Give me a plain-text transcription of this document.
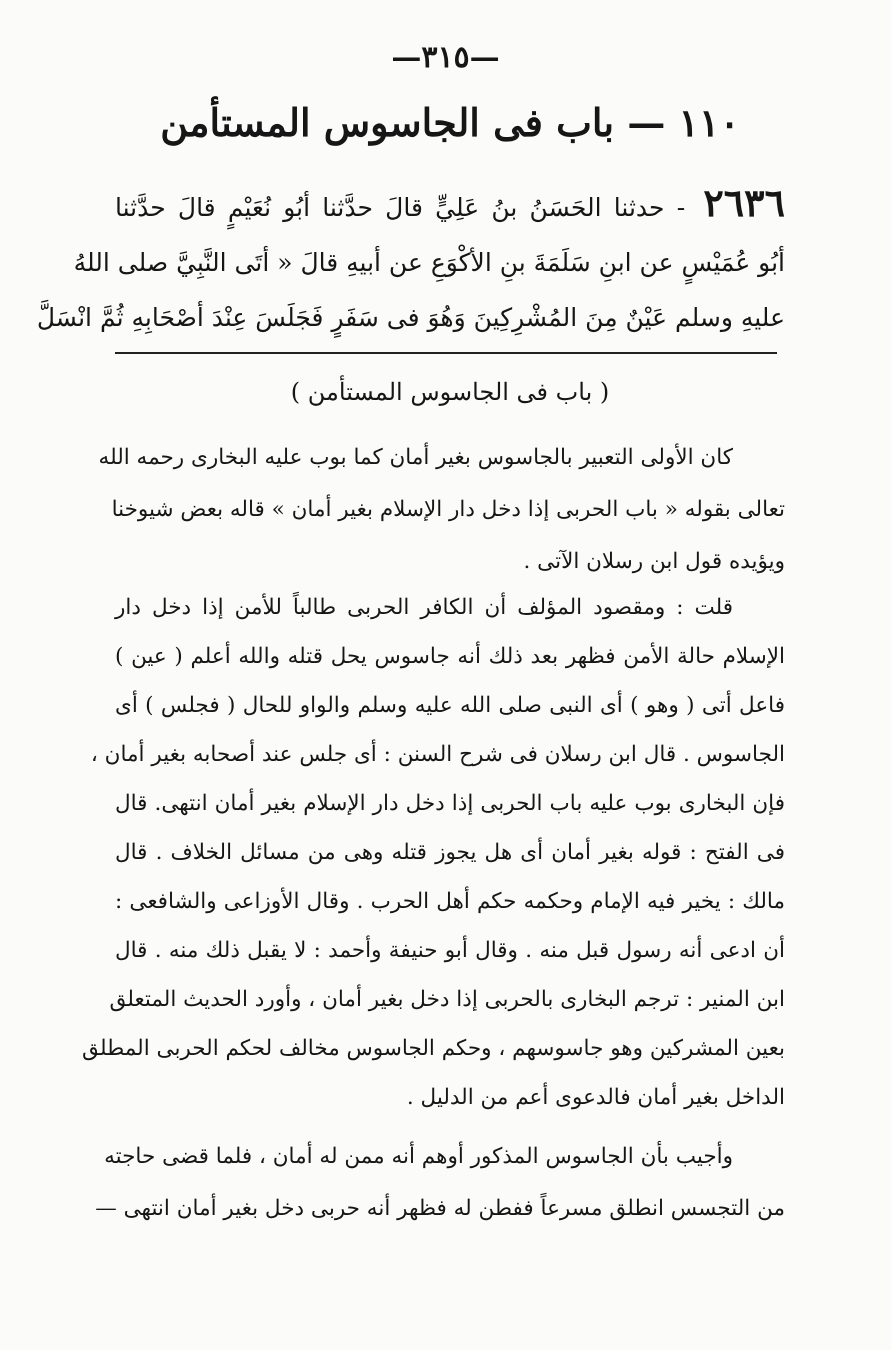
—٣١٥—
١١٠ — باب فى الجاسوس المستأمن
٢٦٣٦ - حدثنا الحَسَنُ بنُ عَلِيٍّ قالَ حدَّثنا أبُو نُعَيْمٍ قالَ حدَّثنا
أبُو عُمَيْسٍ عن ابنِ سَلَمَةَ بنِ الأكْوَعِ عن أبيهِ قالَ « أتَى النَّبِيَّ صلى اللهُ
عليهِ وسلم عَيْنٌ مِنَ المُشْرِكِينَ وَهُوَ فى سَفَرٍ فَجَلَسَ عِنْدَ أصْحَابِهِ ثُمَّ انْسَلَّ
( باب فى الجاسوس المستأمن )
كان الأولى التعبير بالجاسوس بغير أمان كما بوب عليه البخارى رحمه الله
تعالى بقوله « باب الحربى إذا دخل دار الإسلام بغير أمان » قاله بعض شيوخنا
ويؤيده قول ابن رسلان الآتى .
قلت : ومقصود المؤلف أن الكافر الحربى طالباً للأمن إذا دخل دار
الإسلام حالة الأمن فظهر بعد ذلك أنه جاسوس يحل قتله والله أعلم ( عين )
فاعل أتى ( وهو ) أى النبى صلى الله عليه وسلم والواو للحال ( فجلس ) أى
الجاسوس . قال ابن رسلان فى شرح السنن : أى جلس عند أصحابه بغير أمان ،
فإن البخارى بوب عليه باب الحربى إذا دخل دار الإسلام بغير أمان انتهى. قال
فى الفتح : قوله بغير أمان أى هل يجوز قتله وهى من مسائل الخلاف . قال
مالك : يخير فيه الإمام وحكمه حكم أهل الحرب . وقال الأوزاعى والشافعى :
أن ادعى أنه رسول قبل منه . وقال أبو حنيفة وأحمد : لا يقبل ذلك منه . قال
ابن المنير : ترجم البخارى بالحربى إذا دخل بغير أمان ، وأورد الحديث المتعلق
بعين المشركين وهو جاسوسهم ، وحكم الجاسوس مخالف لحكم الحربى المطلق
الداخل بغير أمان فالدعوى أعم من الدليل .
وأجيب بأن الجاسوس المذكور أوهم أنه ممن له أمان ، فلما قضى حاجته
من التجسس انطلق مسرعاً ففطن له فظهر أنه حربى دخل بغير أمان انتهى —
